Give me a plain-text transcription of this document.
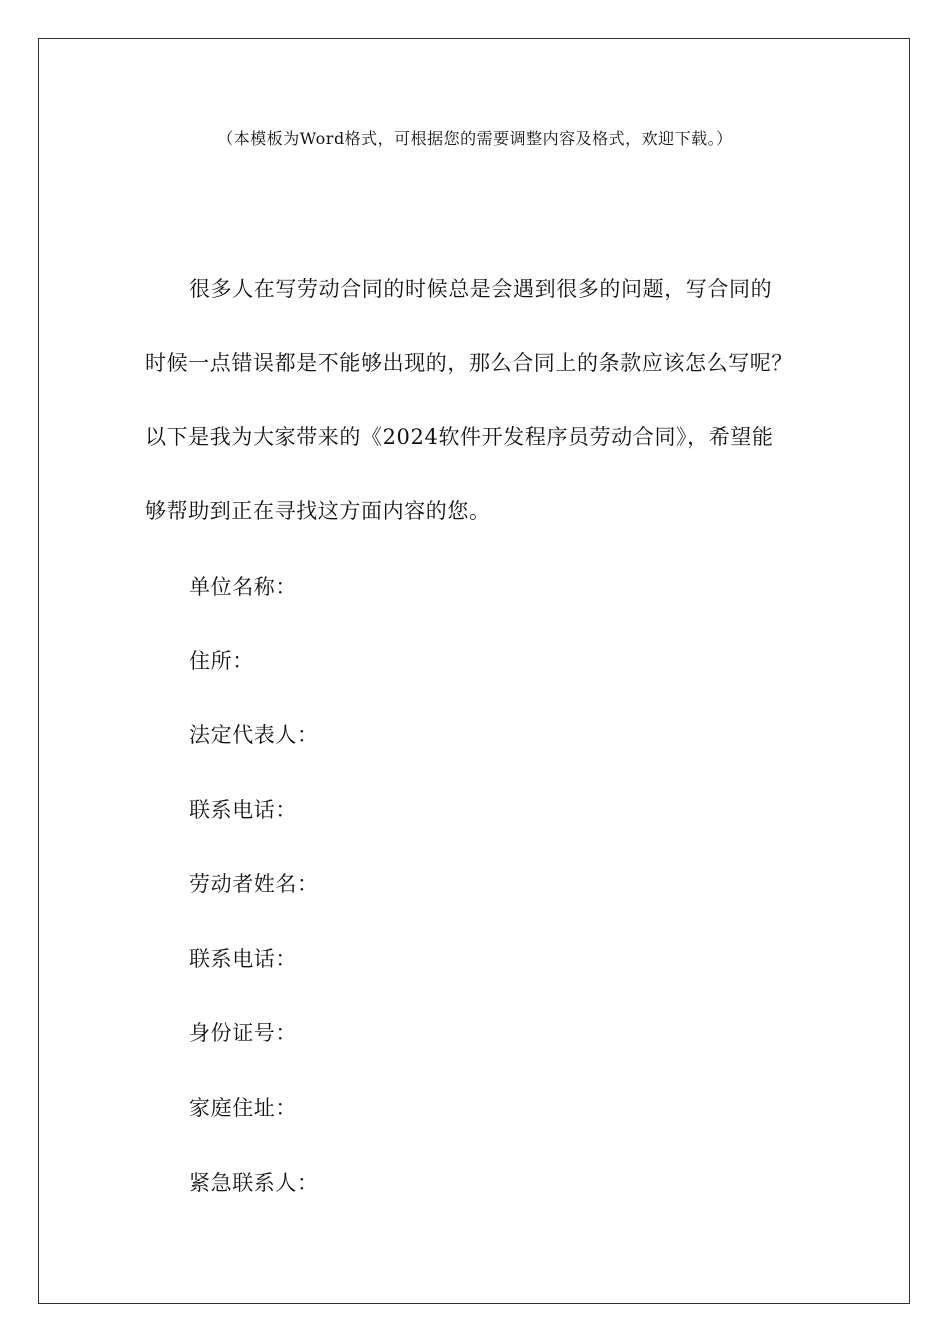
（本模板为Word格式，可根据您的需要调整内容及格式，欢迎下载。）
很多人在写劳动合同的时候总是会遇到很多的问题，写合同的
时候一点错误都是不能够出现的，那么合同上的条款应该怎么写呢？
以下是我为大家带来的《2024软件开发程序员劳动合同》，希望能
够帮助到正在寻找这方面内容的您。
单位名称：
住所：
法定代表人：
联系电话：
劳动者姓名：
联系电话：
身份证号：
家庭住址：
紧急联系人：
